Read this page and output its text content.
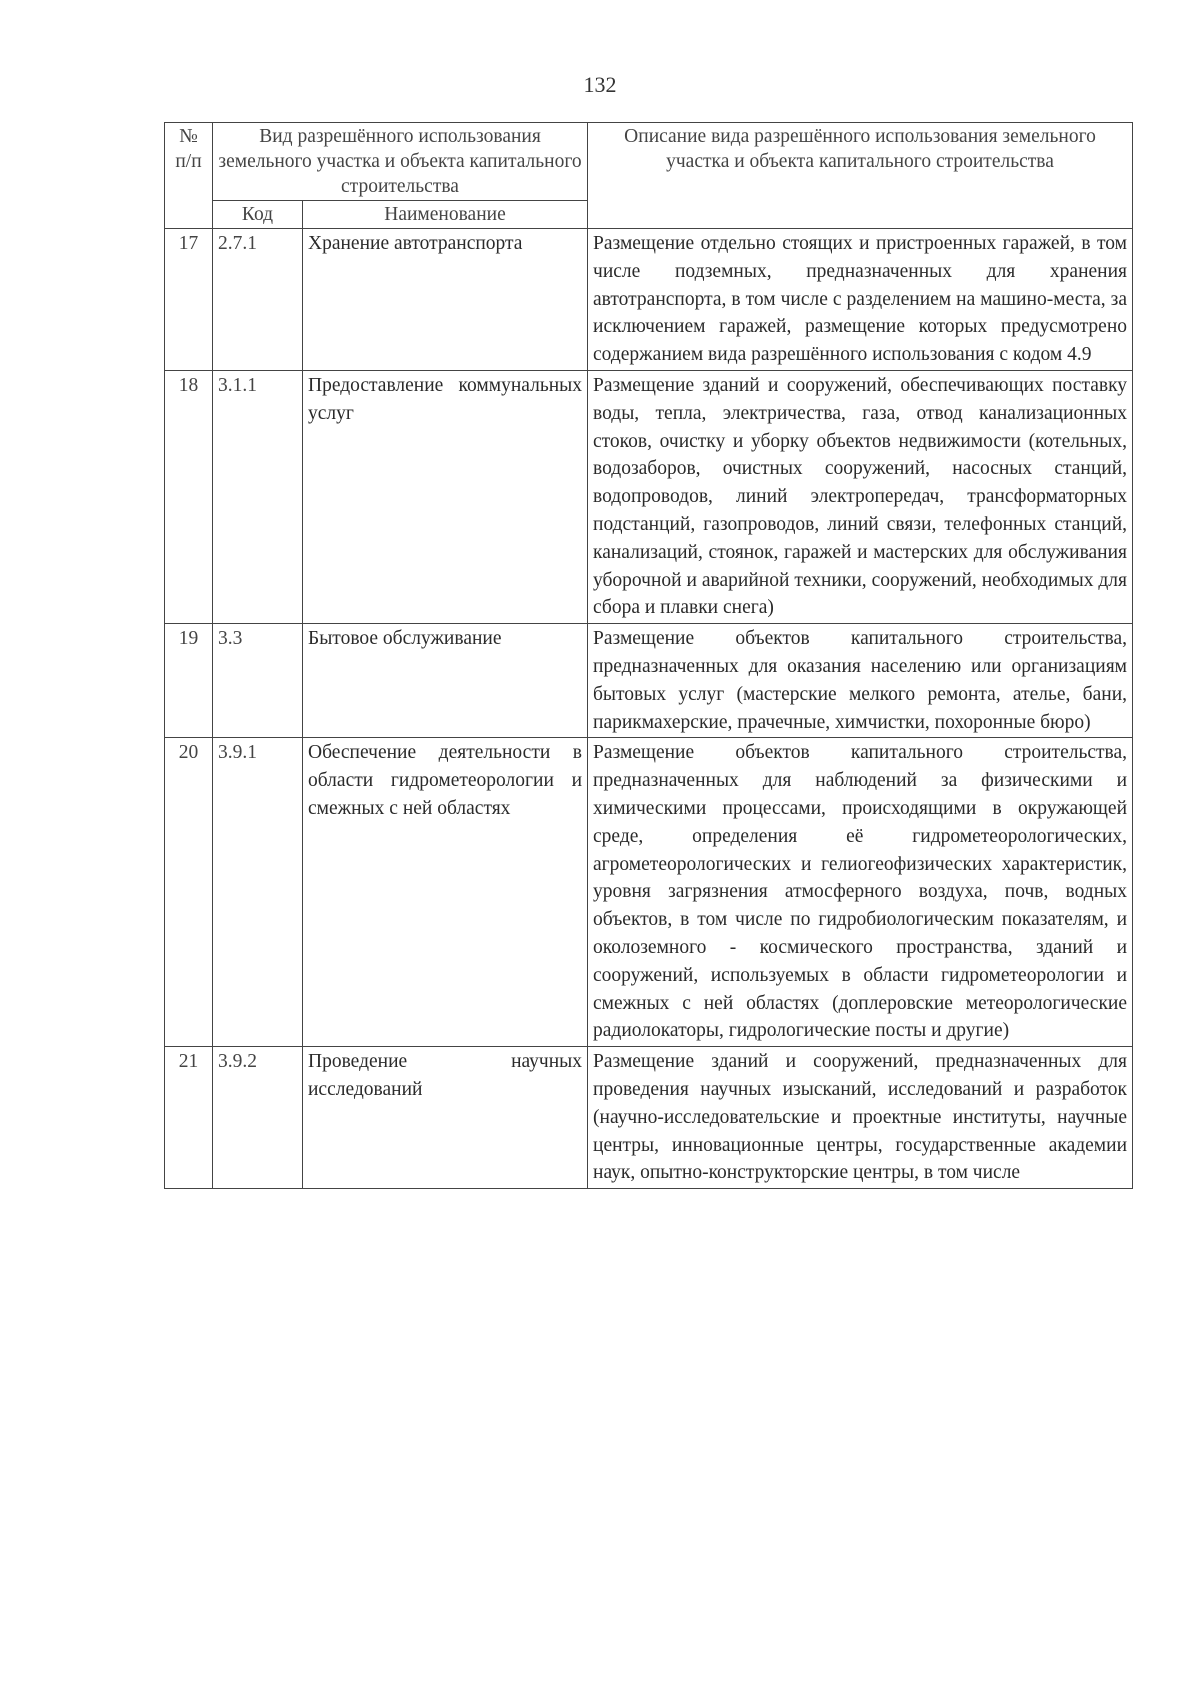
132
№ п/п	Вид разрешённого использования земельного участка и объекта капитального строительства		Описание вида разрешённого использования земельного участка и объекта капитального строительства
	Код	Наименование	
17	2.7.1	Хранение автотранспорта	Размещение отдельно стоящих и пристроенных гаражей, в том числе подземных, предназначенных для хранения автотранспорта, в том числе с разделением на машино-места, за исключением гаражей, размещение которых предусмотрено содержанием вида разрешённого использования с кодом 4.9
18	3.1.1	Предоставление коммунальных услуг	Размещение зданий и сооружений, обеспечивающих поставку воды, тепла, электричества, газа, отвод канализационных стоков, очистку и уборку объектов недвижимости (котельных, водозаборов, очистных сооружений, насосных станций, водопроводов, линий электропередач, трансформаторных подстанций, газопроводов, линий связи, телефонных станций, канализаций, стоянок, гаражей и мастерских для обслуживания уборочной и аварийной техники, сооружений, необходимых для сбора и плавки снега)
19	3.3	Бытовое обслуживание	Размещение объектов капитального строительства, предназначенных для оказания населению или организациям бытовых услуг (мастерские мелкого ремонта, ателье, бани, парикмахерские, прачечные, химчистки, похоронные бюро)
20	3.9.1	Обеспечение деятельности в области гидрометеорологии и смежных с ней областях	Размещение объектов капитального строительства, предназначенных для наблюдений за физическими и химическими процессами, происходящими в окружающей среде, определения её гидрометеорологических, агрометеорологических и гелиогеофизических характеристик, уровня загрязнения атмосферного воздуха, почв, водных объектов, в том числе по гидробиологическим показателям, и околоземного - космического пространства, зданий и сооружений, используемых в области гидрометеорологии и смежных с ней областях (доплеровские метеорологические радиолокаторы, гидрологические посты и другие)
21	3.9.2	Проведение научных исследований	Размещение зданий и сооружений, предназначенных для проведения научных изысканий, исследований и разработок (научно-исследовательские и проектные институты, научные центры, инновационные центры, государственные академии наук, опытно-конструкторские центры, в том числе
